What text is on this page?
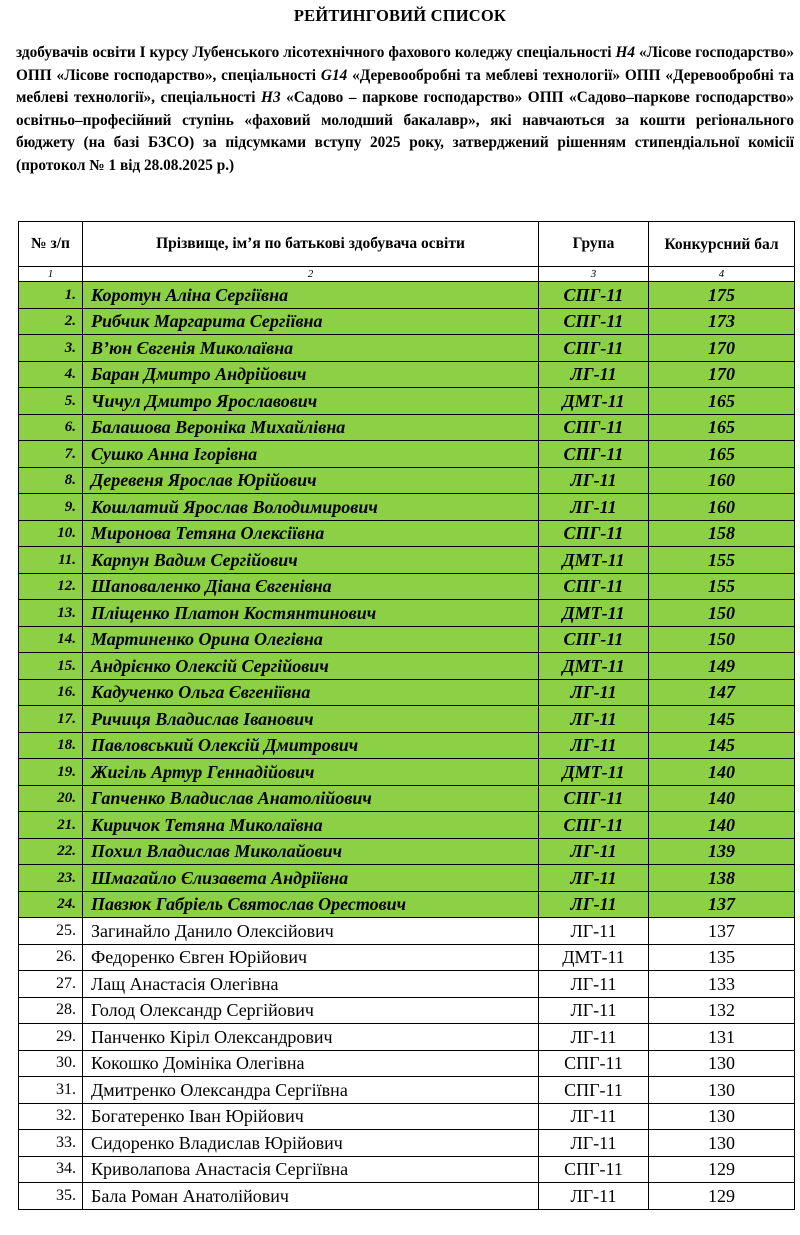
РЕЙТИНГОВИЙ СПИСОК
здобувачів освіти І курсу Лубенського лісотехнічного фахового коледжу спеціальності H4 «Лісове господарство» ОПП «Лісове господарство», спеціальності G14 «Деревообробні та меблеві технології» ОПП «Деревообробні та меблеві технології», спеціальності H3 «Садово – паркове господарство» ОПП «Садово–паркове господарство» освітньо–професійний ступінь «фаховий молодший бакалавр», які навчаються за кошти регіонального бюджету (на базі БЗСО) за підсумками вступу 2025 року, затверджений рішенням стипендіальної комісії (протокол № 1 від 28.08.2025 р.)
№ з/п	Прізвище, ім’я по батькові здобувача освіти	Група	Конкурсний бал
1	2	3	4
1.	Коротун Аліна Сергіївна	СПГ-11	175
2.	Рибчик Маргарита Сергіївна	СПГ-11	173
3.	В’юн Євгенія Миколаївна	СПГ-11	170
4.	Баран Дмитро Андрійович	ЛГ-11	170
5.	Чичул Дмитро Ярославович	ДМТ-11	165
6.	Балашова Вероніка Михайлівна	СПГ-11	165
7.	Сушко Анна Ігорівна	СПГ-11	165
8.	Деревеня Ярослав Юрійович	ЛГ-11	160
9.	Кошлатий Ярослав Володимирович	ЛГ-11	160
10.	Миронова Тетяна Олексіївна	СПГ-11	158
11.	Карпун Вадим Сергійович	ДМТ-11	155
12.	Шаповаленко Діана Євгенівна	СПГ-11	155
13.	Пліщенко Платон Костянтинович	ДМТ-11	150
14.	Мартиненко Орина Олегівна	СПГ-11	150
15.	Андрієнко Олексій Сергійович	ДМТ-11	149
16.	Кадученко Ольга Євгеніївна	ЛГ-11	147
17.	Ричиця Владислав Іванович	ЛГ-11	145
18.	Павловський Олексій Дмитрович	ЛГ-11	145
19.	Жигіль Артур Геннадійович	ДМТ-11	140
20.	Гапченко Владислав Анатолійович	СПГ-11	140
21.	Киричок Тетяна Миколаївна	СПГ-11	140
22.	Похил Владислав Миколайович	ЛГ-11	139
23.	Шмагайло Єлизавета Андріївна	ЛГ-11	138
24.	Павзюк Габріель Святослав Орестович	ЛГ-11	137
25.	Загинайло Данило Олексійович	ЛГ-11	137
26.	Федоренко Євген Юрійович	ДМТ-11	135
27.	Лащ Анастасія Олегівна	ЛГ-11	133
28.	Голод Олександр Сергійович	ЛГ-11	132
29.	Панченко Кіріл Олександрович	ЛГ-11	131
30.	Кокошко Домініка Олегівна	СПГ-11	130
31.	Дмитренко Олександра Сергіївна	СПГ-11	130
32.	Богатеренко Іван Юрійович	ЛГ-11	130
33.	Сидоренко Владислав Юрійович	ЛГ-11	130
34.	Криволапова Анастасія Сергіївна	СПГ-11	129
35.	Бала Роман Анатолійович	ЛГ-11	129
